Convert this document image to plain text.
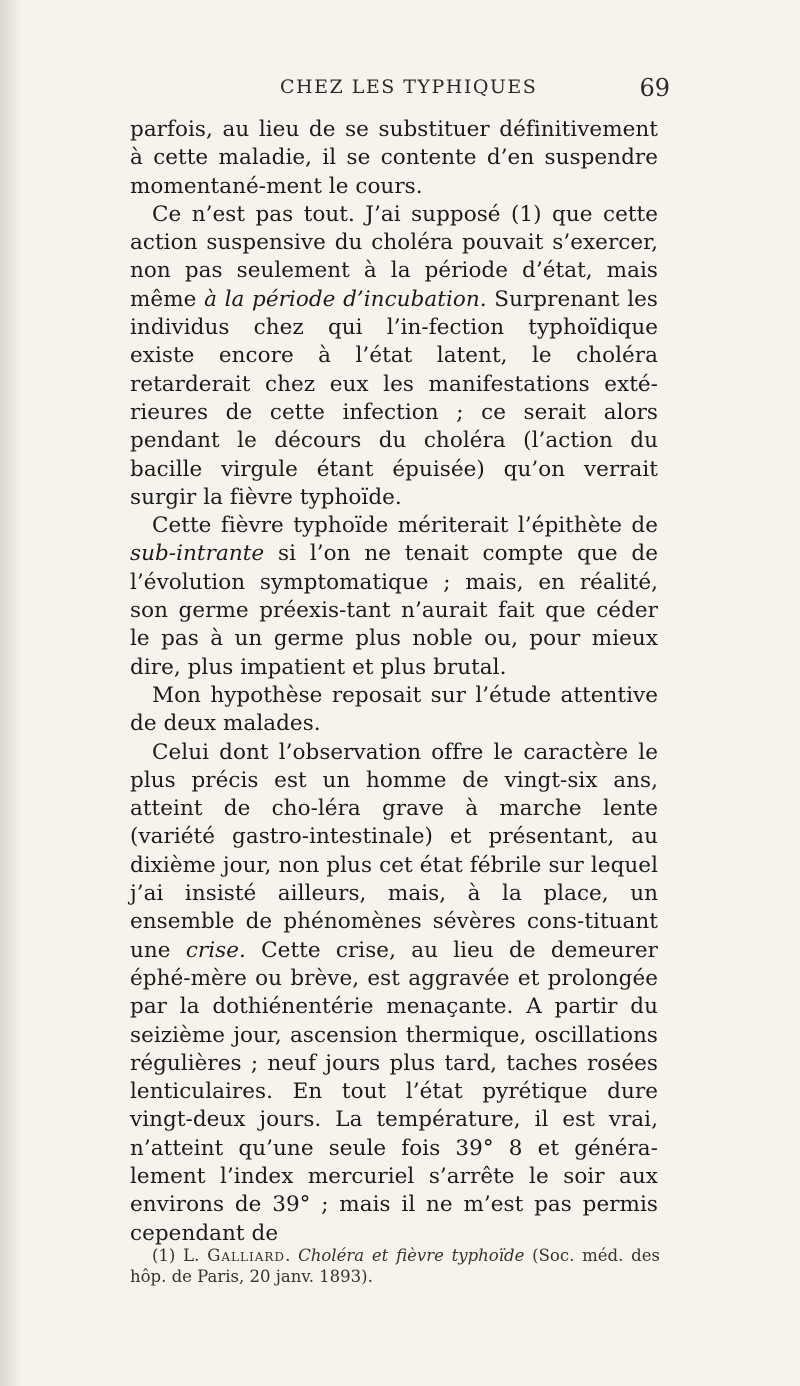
CHEZ LES TYPHIQUES	69

parfois, au lieu de se substituer définitivement à cette maladie, il se contente d’en suspendre momentané-ment le cours.

Ce n’est pas tout. J’ai supposé (1) que cette action suspensive du choléra pouvait s’exercer, non pas seulement à la période d’état, mais même à la période d’incubation. Surprenant les individus chez qui l’in-fection typhoïdique existe encore à l’état latent, le choléra retarderait chez eux les manifestations exté-rieures de cette infection ; ce serait alors pendant le décours du choléra (l’action du bacille virgule étant épuisée) qu’on verrait surgir la fièvre typhoïde.

Cette fièvre typhoïde mériterait l’épithète de sub-intrante si l’on ne tenait compte que de l’évolution symptomatique ; mais, en réalité, son germe préexis-tant n’aurait fait que céder le pas à un germe plus noble ou, pour mieux dire, plus impatient et plus brutal.

Mon hypothèse reposait sur l’étude attentive de deux malades.

Celui dont l’observation offre le caractère le plus précis est un homme de vingt-six ans, atteint de cho-léra grave à marche lente (variété gastro-intestinale) et présentant, au dixième jour, non plus cet état fébrile sur lequel j’ai insisté ailleurs, mais, à la place, un ensemble de phénomènes sévères cons-tituant une crise. Cette crise, au lieu de demeurer éphé-mère ou brève, est aggravée et prolongée par la dothiénentérie menaçante. A partir du seizième jour, ascension thermique, oscillations régulières ; neuf jours plus tard, taches rosées lenticulaires. En tout l’état pyrétique dure vingt-deux jours. La température, il est vrai, n’atteint qu’une seule fois 39° 8 et généra-lement l’index mercuriel s’arrête le soir aux environs de 39° ; mais il ne m’est pas permis cependant de

(1) L. Galliard. Choléra et fièvre typhoïde (Soc. méd. des hôp. de Paris, 20 janv. 1893).
